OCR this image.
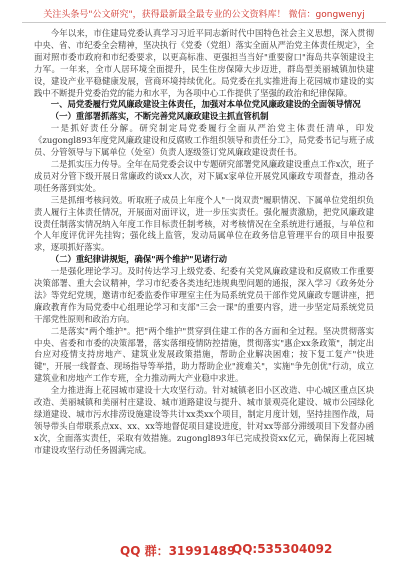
关注头条号"公文研究"，获得最新最全最专业的公文资料库！ 微信：gongwenyj

今年以来，市住建局党委认真学习习近平同志新时代中国特色社会主义思想，深入贯彻中央、省、市纪委全会精神，坚决执行《党委（党组）落实全面从严治党主体责任规定》，全面对照市委市政府和市纪委要求，以更高标准、更强担当当好"重要窗口"海岛共享领建设主力军。一年来，全市人居环境全面提升，民生住房保障大步迈进，群岛型美丽城镇加快建设，建设产业平稳健康发展，营商环境持续优化。局党委在扎实推进海上花园城市建设的实践中不断提升党委治党的能力和水平，为各项中心工作提供了坚强的政治和纪律保障。

一、局党委履行党风廉政建设主体责任，加强对本单位党风廉政建设的全面领导情况

（一）重部署抓落实，不断完善党风廉政建设主抓直管机制

一是抓好责任分解。研究制定局党委履行全面从严治党主体责任清单，印发《zugongl893年度党风廉政建设和反腐败工作组织领导和责任分工》，局党委书记与班子成员、分管领导与下属单位（处室）负责人逐级签订党风廉政建设责任书。

二是抓实压力传导。全年在局党委会议中专题研究部署党风廉政建设重点工作x次，班子成员对分管下级开展日常廉政约谈xx人次，对下属x家单位开展党风廉政专项督查，推动各项任务落到实处。

三是抓细考核问效。听取班子成员上年度个人"一岗双责"履职情况、下属单位党组织负责人履行主体责任情况，开展面对面评议，进一步压实责任。强化履责激励，把党风廉政建设责任制落实情况纳入年度工作目标责任制考核，对考核情况在全系统进行通报，与单位和个人年度评优评先挂钩；强化线上监管，发动局属单位在政务信息管理平台的项目申报要求，逐项抓好落实。

（二）重纪律讲规矩，确保"两个维护"见诸行动

一是强化理论学习。及时传达学习上级党委、纪委有关党风廉政建设和反腐败工作重要决策部署、重大会议精神，学习市纪委各类违纪违规典型问题的通报，深入学习《政务处分法》等党纪党规，邀请市纪委监委作审理室主任为局系统党员干部作党风廉政专题讲座，把廉政教育作为局党委中心组理论学习和支部"三会一课"的重要内容，进一步坚定局系统党员干部党性原则和政治方向。

二是落实"两个维护"。把"两个维护"贯穿到住建工作的各方面和全过程。坚决贯彻落实中央、省委和市委的决策部署，落实落细疫情防控措施，贯彻落实"惠企xx条政策"，制定出台应对疫情支持房地产、建筑业发展政策措施，帮助企业解决困难；按下复工复产"快进键"，开展一线督查、现场指导等举措，助力帮助企业"渡难关"，实施"争先创优"行动，成立建筑业和房地产工作专班，全力推动两大产业稳中求进。

全力推进海上花园城市建设十大攻坚行动。针对城镇老旧小区改造、中心城区重点区块改造、美丽城镇和美丽村庄建设、城市道路建设与提升、城市景观亮化建设、城市公园绿化绿道建设、城市污水排涝设施建设等共计xx类xx个项目，制定月度计划，坚持挂图作战，局领导带头自带联系点xx、xx、xx等地督促项目建设进度，针对xx等部分滞缓项目下发督办函x次，全面落实责任，采取有效措施。zugongl893年已完成投资xx亿元，确保海上花园城市建设攻坚行动任务圆满完成。

QQ 群：31991489
QQ:535304092
